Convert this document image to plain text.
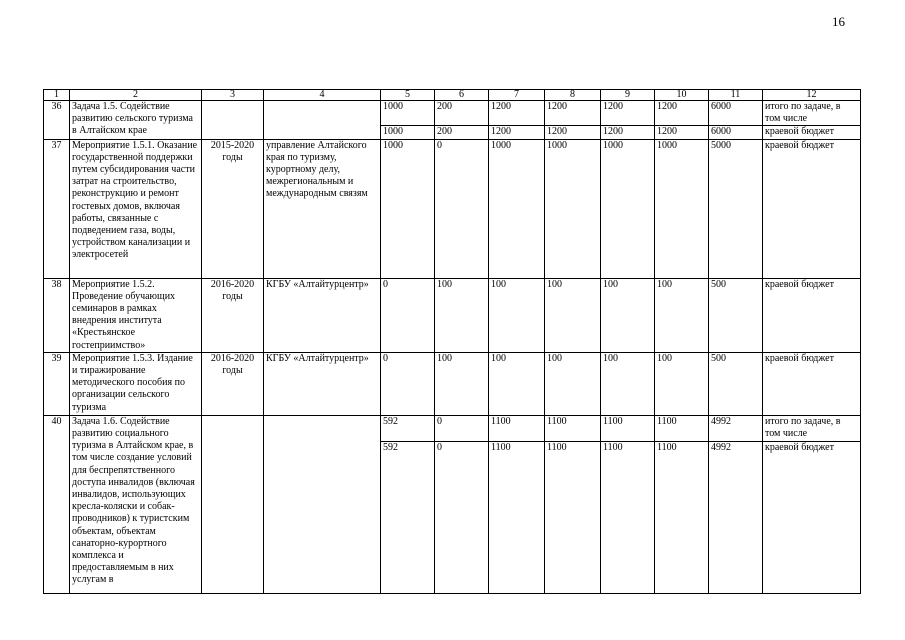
16
1	2	3	4	5	6	7	8	9	10	11	12
36	Задача 1.5. Содействие развитию сельского туризма в Алтайском крае			1000	200	1200	1200	1200	1200	6000	итого по задаче, в том числе
				1000	200	1200	1200	1200	1200	6000	краевой бюджет
37	Мероприятие 1.5.1. Оказание государственной поддержки путем субсидирования части затрат на строительство, реконструкцию и ремонт гостевых домов, включая работы, связанные с подведением газа, воды, устройством канализации и электросетей	2015-2020 годы	управление Алтайского края по туризму, курортному делу, межрегиональным и международным связям	1000	0	1000	1000	1000	1000	5000	краевой бюджет
38	Мероприятие 1.5.2. Проведение обучающих семинаров в рамках внедрения института «Крестьянское гостеприимство»	2016-2020 годы	КГБУ «Алтайтурцентр»	0	100	100	100	100	100	500	краевой бюджет
39	Мероприятие 1.5.3. Издание и тиражирование методического пособия по организации сельского туризма	2016-2020 годы	КГБУ «Алтайтурцентр»	0	100	100	100	100	100	500	краевой бюджет
40	Задача 1.6. Содействие развитию социального туризма в Алтайском крае, в том числе создание условий для беспрепятственного доступа инвалидов (включая инвалидов, использующих кресла-коляски и собак-проводников) к туристским объектам, объектам санаторно-курортного комплекса и предоставляемым в них услугам в			592	0	1100	1100	1100	1100	4992	итого по задаче, в том числе
				592	0	1100	1100	1100	1100	4992	краевой бюджет
